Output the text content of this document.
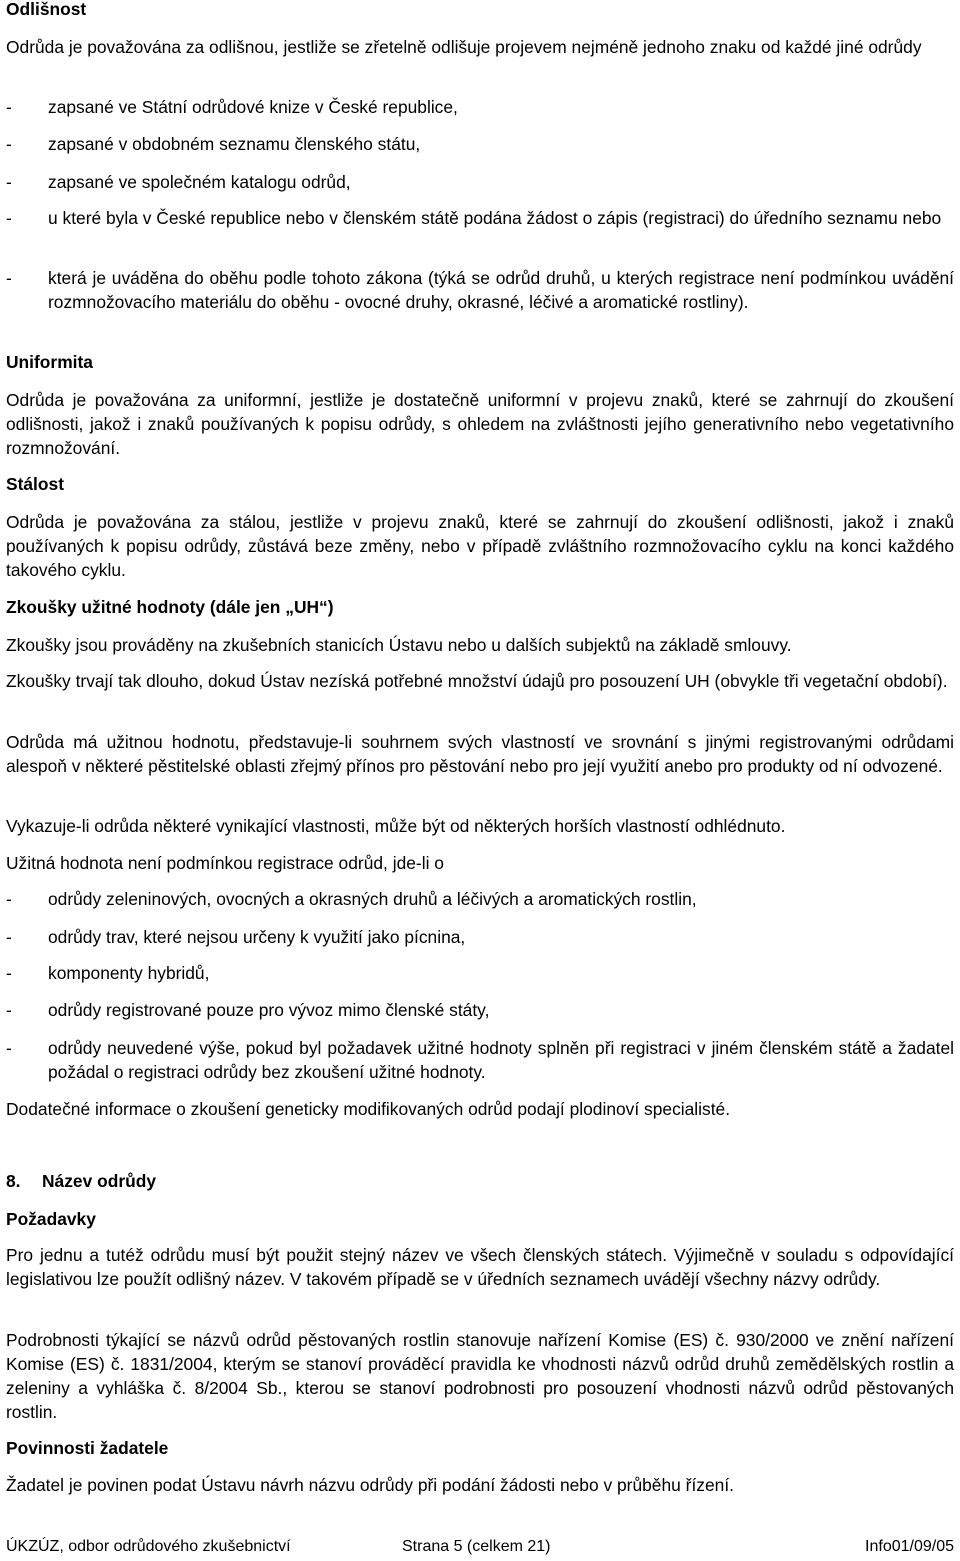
Odlišnost
Odrůda je považována za odlišnou, jestliže se zřetelně odlišuje projevem nejméně jednoho znaku od každé jiné odrůdy
- zapsané ve Státní odrůdové knize v České republice,
- zapsané v obdobném seznamu členského státu,
- zapsané ve společném katalogu odrůd,
- u které byla v České republice nebo v členském státě podána žádost o zápis (registraci) do úředního seznamu nebo
- která je uváděna do oběhu podle tohoto zákona (týká se odrůd druhů, u kterých registrace není podmínkou uvádění rozmnožovacího materiálu do oběhu - ovocné druhy, okrasné, léčivé a aromatické rostliny).
Uniformita
Odrůda je považována za uniformní, jestliže je dostatečně uniformní v projevu znaků, které se zahrnují do zkoušení odlišnosti, jakož i znaků používaných k popisu odrůdy, s ohledem na zvláštnosti jejího generativního nebo vegetativního rozmnožování.
Stálost
Odrůda je považována za stálou, jestliže v projevu znaků, které se zahrnují do zkoušení odlišnosti, jakož i znaků používaných k popisu odrůdy, zůstává beze změny, nebo v případě zvláštního rozmnožovacího cyklu na konci každého takového cyklu.
Zkoušky užitné hodnoty (dále jen „UH“)
Zkoušky jsou prováděny na zkušebních stanicích Ústavu nebo u dalších subjektů na základě smlouvy.
Zkoušky trvají tak dlouho, dokud Ústav nezíská potřebné množství údajů pro posouzení UH (obvykle tři vegetační období).
Odrůda má užitnou hodnotu, představuje-li souhrnem svých vlastností ve srovnání s jinými registrovanými odrůdami alespoň v některé pěstitelské oblasti zřejmý přínos pro pěstování nebo pro její využití anebo pro produkty od ní odvozené.
Vykazuje-li odrůda některé vynikající vlastnosti, může být od některých horších vlastností odhlédnuto.
Užitná hodnota není podmínkou registrace odrůd, jde-li o
- odrůdy zeleninových, ovocných a okrasných druhů a léčivých a aromatických rostlin,
- odrůdy trav, které nejsou určeny k využití jako pícnina,
- komponenty hybridů,
- odrůdy registrované pouze pro vývoz mimo členské státy,
- odrůdy neuvedené výše, pokud byl požadavek užitné hodnoty splněn při registraci v jiném členském státě a žadatel požádal o registraci odrůdy bez zkoušení užitné hodnoty.
Dodatečné informace o zkoušení geneticky modifikovaných odrůd podají plodinoví specialisté.
8. Název odrůdy
Požadavky
Pro jednu a tutéž odrůdu musí být použit stejný název ve všech členských státech. Výjimečně v souladu s odpovídající legislativou lze použít odlišný název. V takovém případě se v úředních seznamech uvádějí všechny názvy odrůdy.
Podrobnosti týkající se názvů odrůd pěstovaných rostlin stanovuje nařízení Komise (ES) č. 930/2000 ve znění nařízení Komise (ES) č. 1831/2004, kterým se stanoví prováděcí pravidla ke vhodnosti názvů odrůd druhů zemědělských rostlin a zeleniny a vyhláška č. 8/2004 Sb., kterou se stanoví podrobnosti pro posouzení vhodnosti názvů odrůd pěstovaných rostlin.
Povinnosti žadatele
Žadatel je povinen podat Ústavu návrh názvu odrůdy při podání žádosti nebo v průběhu řízení.
ÚKZÚZ, odbor odrůdového zkušebnictví	Strana 5 (celkem 21)	Info01/09/05
